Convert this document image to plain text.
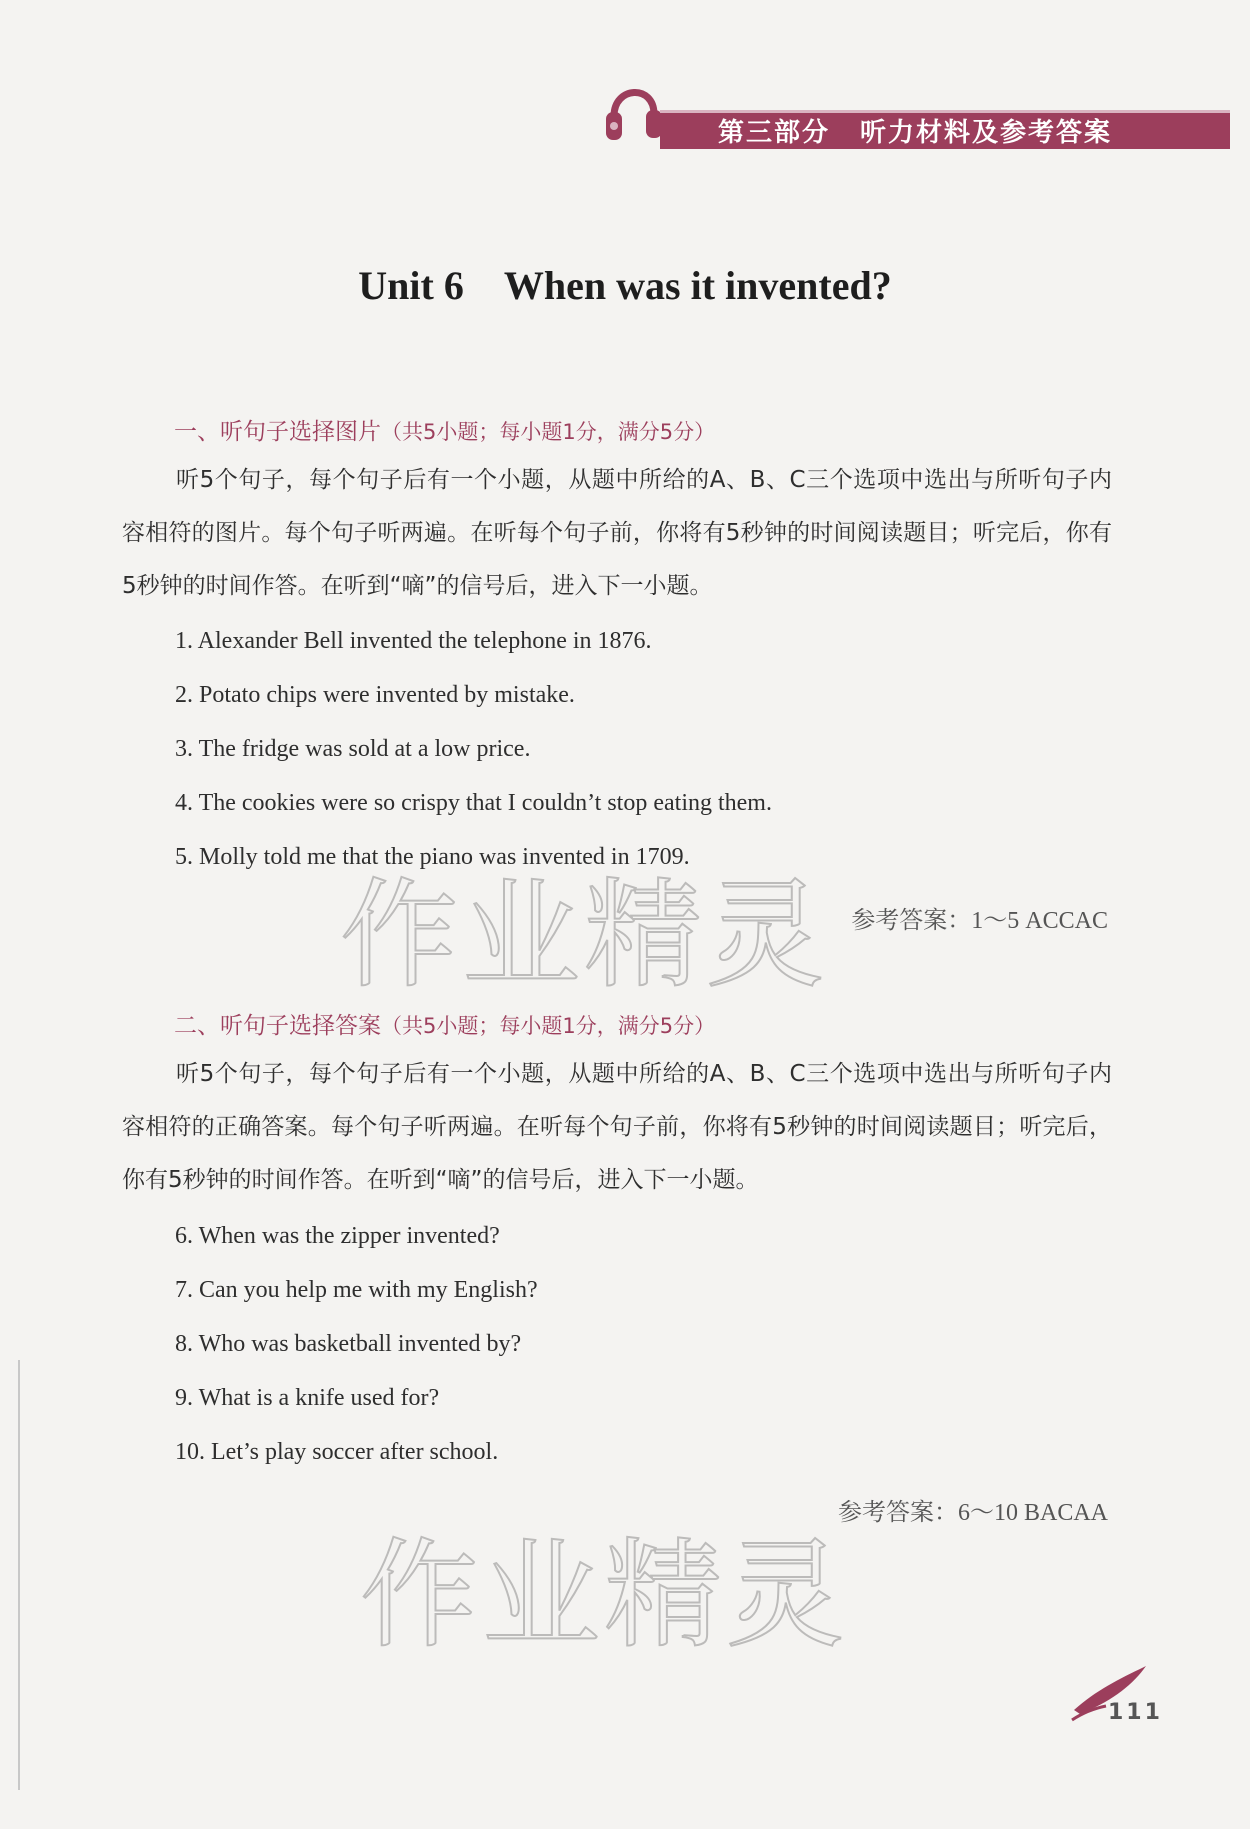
第三部分 听力材料及参考答案
Unit 6 When was it invented?
一、听句子选择图片（共5小题；每小题1分，满分5分）
听5个句子，每个句子后有一个小题，从题中所给的A、B、C三个选项中选出与所听句子内容相符的图片。每个句子听两遍。在听每个句子前，你将有5秒钟的时间阅读题目；听完后，你有5秒钟的时间作答。在听到“嘀”的信号后，进入下一小题。
1. Alexander Bell invented the telephone in 1876.
2. Potato chips were invented by mistake.
3. The fridge was sold at a low price.
4. The cookies were so crispy that I couldn’t stop eating them.
5. Molly told me that the piano was invented in 1709.
作业精灵 参考答案：1～5 ACCAC
二、听句子选择答案（共5小题；每小题1分，满分5分）
听5个句子，每个句子后有一个小题，从题中所给的A、B、C三个选项中选出与所听句子内容相符的正确答案。每个句子听两遍。在听每个句子前，你将有5秒钟的时间阅读题目；听完后，你有5秒钟的时间作答。在听到“嘀”的信号后，进入下一小题。
6. When was the zipper invented?
7. Can you help me with my English?
8. Who was basketball invented by?
9. What is a knife used for?
10. Let’s play soccer after school.
参考答案：6～10 BACAA
作业精灵
111
